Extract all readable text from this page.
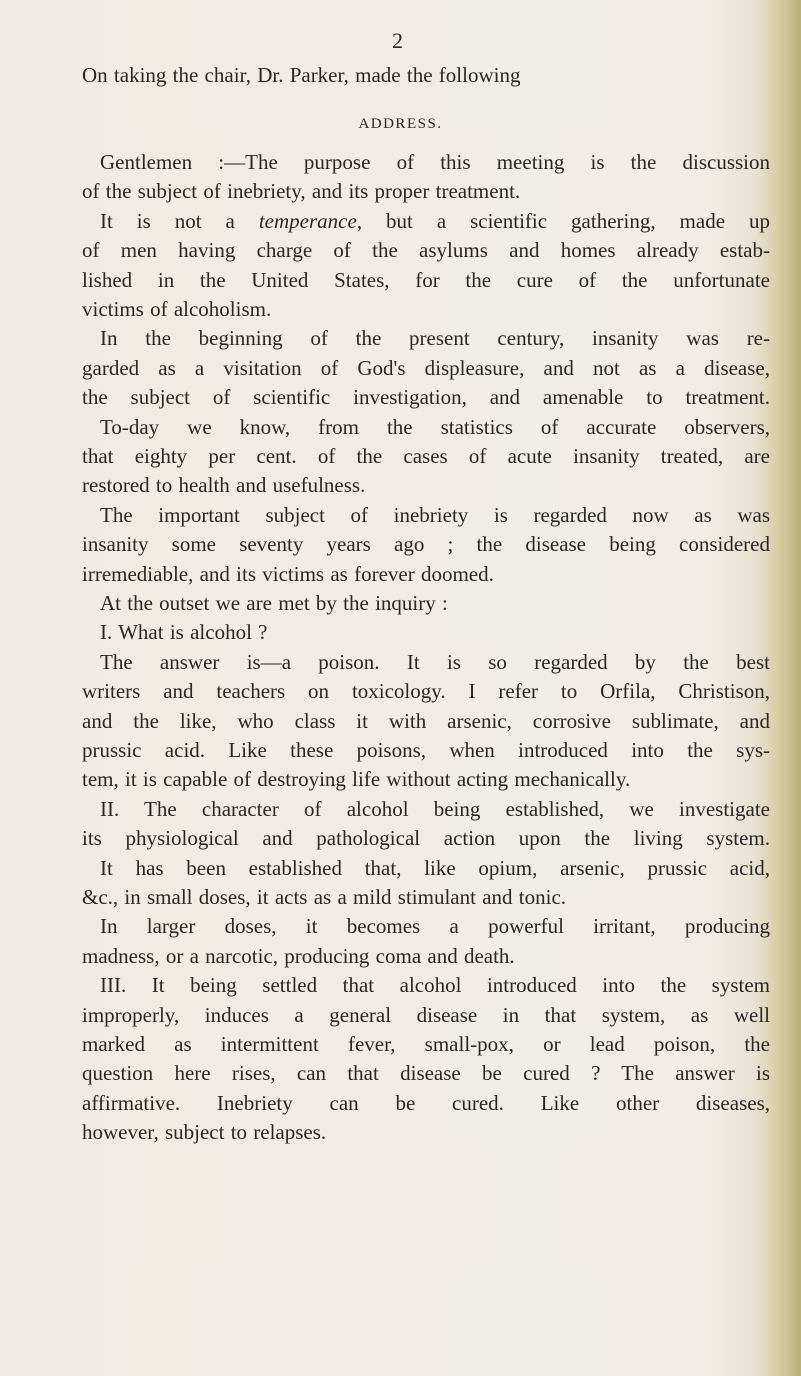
2
On taking the chair, Dr. Parker, made the following
ADDRESS.
Gentlemen :—The purpose of this meeting is the discussion
of the subject of inebriety, and its proper treatment.
It is not a temperance, but a scientific gathering, made up
of men having charge of the asylums and homes already estab-
lished in the United States, for the cure of the unfortunate
victims of alcoholism.
In the beginning of the present century, insanity was re-
garded as a visitation of God's displeasure, and not as a disease,
the subject of scientific investigation, and amenable to treatment.
To-day we know, from the statistics of accurate observers,
that eighty per cent. of the cases of acute insanity treated, are
restored to health and usefulness.
The important subject of inebriety is regarded now as was
insanity some seventy years ago ; the disease being considered
irremediable, and its victims as forever doomed.
At the outset we are met by the inquiry :
I. What is alcohol ?
The answer is—a poison. It is so regarded by the best
writers and teachers on toxicology. I refer to Orfila, Christison,
and the like, who class it with arsenic, corrosive sublimate, and
prussic acid. Like these poisons, when introduced into the sys-
tem, it is capable of destroying life without acting mechanically.
II. The character of alcohol being established, we investigate
its physiological and pathological action upon the living system.
It has been established that, like opium, arsenic, prussic acid,
&c., in small doses, it acts as a mild stimulant and tonic.
In larger doses, it becomes a powerful irritant, producing
madness, or a narcotic, producing coma and death.
III. It being settled that alcohol introduced into the system
improperly, induces a general disease in that system, as well
marked as intermittent fever, small-pox, or lead poison, the
question here rises, can that disease be cured ? The answer is
affirmative. Inebriety can be cured. Like other diseases,
however, subject to relapses.
